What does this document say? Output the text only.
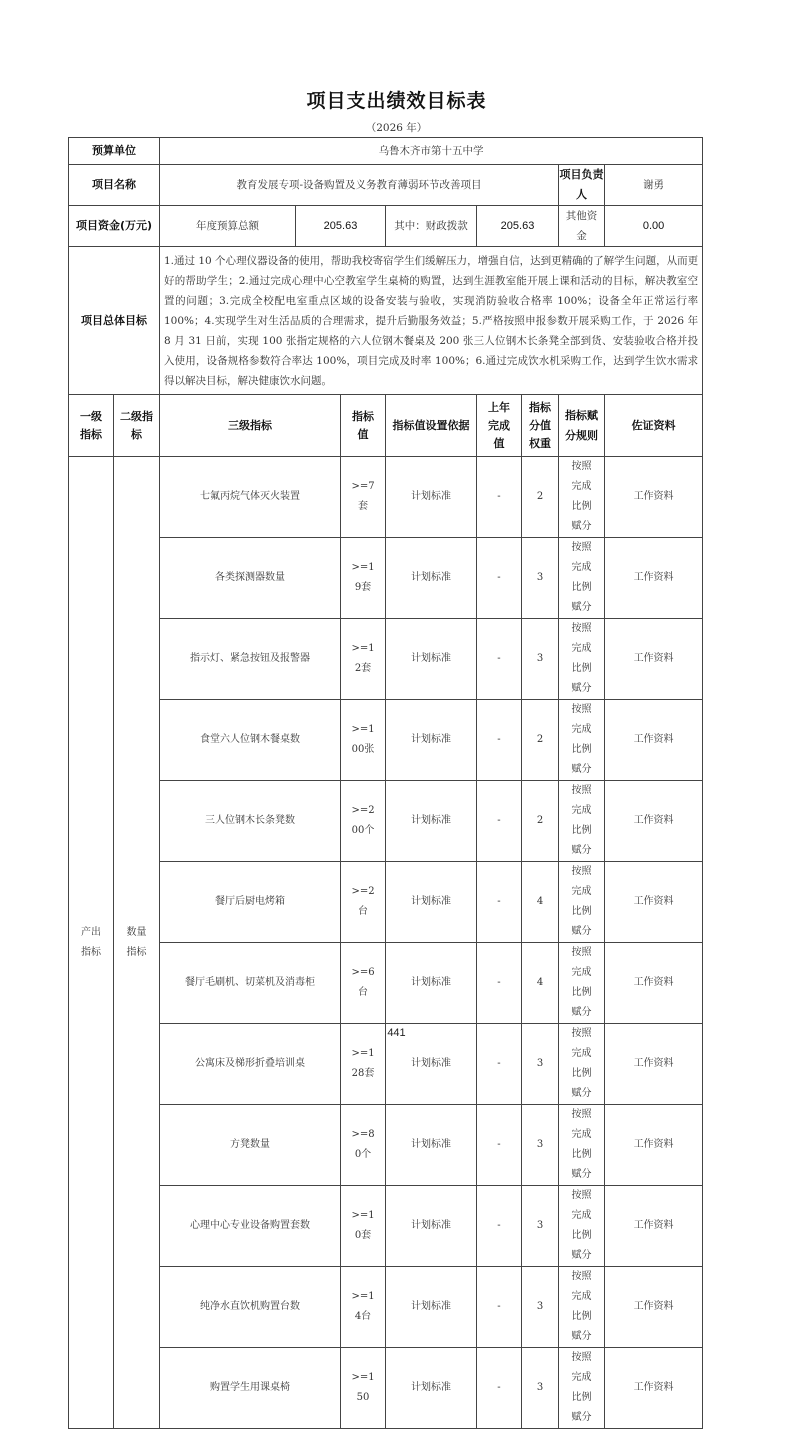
项目支出绩效目标表
（2026 年）
预算单位		乌鲁木齐市第十五中学							
项目名称		教育发展专项-设备购置及义务教育薄弱环节改善项目						项目负责人	谢勇
项目资金(万元)		年度预算总额	205.63		其中：财政拨款	205.63		其他资金	0.00
项目总体目标		1.通过 10 个心理仪器设备的使用，帮助我校寄宿学生们缓解压力，增强自信，达到更精确的了解学生问题，从而更好的帮助学生；2.通过完成心理中心空教室学生桌椅的购置，达到生涯教室能开展上课和活动的目标，解决教室空置的问题；3.完成全校配电室重点区域的设备安装与验收，实现消防验收合格率 100%；设备全年正常运行率 100%；4.实现学生对生活品质的合理需求，提升后勤服务效益；5.严格按照申报参数开展采购工作，于 2026 年 8 月 31 日前，实现 100 张指定规格的六人位钢木餐桌及 200 张三人位钢木长条凳全部到货、安装验收合格并投入使用，设备规格参数符合率达 100%，项目完成及时率 100%；6.通过完成饮水机采购工作，达到学生饮水需求得以解决目标，解决健康饮水问题。							
一级指标	二级指标	三级指标		指标值	指标值设置依据	上年完成值	指标分值权重	指标赋分规则	佐证资料
产出指标	数量指标	七氟丙烷气体灭火装置		>=7套	计划标准	-	2	按照完成比例赋分	工作资料
		各类探测器数量		>=19套	计划标准	-	3	按照完成比例赋分	工作资料
		指示灯、紧急按钮及报警器		>=12套	计划标准	-	3	按照完成比例赋分	工作资料
		食堂六人位钢木餐桌数		>=100张	计划标准	-	2	按照完成比例赋分	工作资料
		三人位钢木长条凳数		>=200个	计划标准	-	2	按照完成比例赋分	工作资料
		餐厅后厨电烤箱		>=2台	计划标准	-	4	按照完成比例赋分	工作资料
		餐厅毛刷机、切菜机及消毒柜		>=6台	计划标准	-	4	按照完成比例赋分	工作资料
		公寓床及梯形折叠培训桌		>=128套	计划标准	-	3	按照完成比例赋分	工作资料
		方凳数量		>=80个	计划标准	-	3	按照完成比例赋分	工作资料
		心理中心专业设备购置套数		>=10套	计划标准	-	3	按照完成比例赋分	工作资料
		纯净水直饮机购置台数		>=14台	计划标准	-	3	按照完成比例赋分	工作资料
		购置学生用课桌椅		>=150	计划标准	-	3	按照完成比例赋分	工作资料
441
